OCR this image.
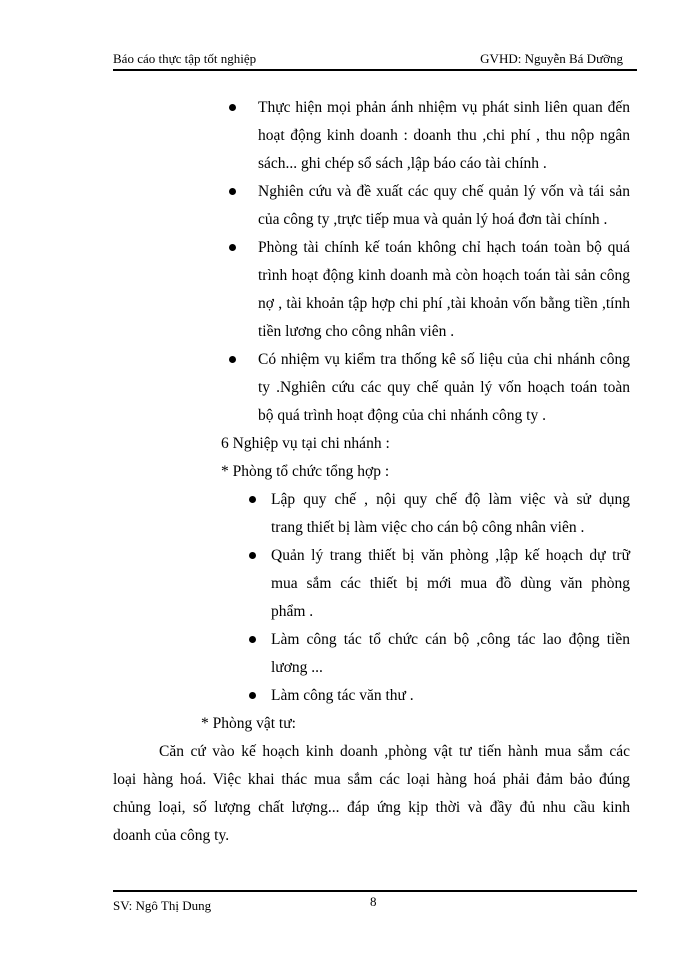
Báo cáo thực tập tốt nghiệp	GVHD: Nguyễn Bá Dưỡng
Thực hiện mọi phản ánh nhiệm vụ phát sinh liên quan đến
hoạt động kinh doanh : doanh thu ,chi phí , thu nộp ngân
sách... ghi chép sổ sách ,lập báo cáo tài chính .
Nghiên cứu và đề xuất các quy chế quản lý vốn và tái sản
của công ty ,trực tiếp mua và quản lý hoá đơn tài chính .
Phòng tài chính kế toán không chỉ hạch toán toàn bộ quá
trình hoạt động kinh doanh mà còn hoạch toán tài sản công
nợ , tài khoản tập hợp chi phí ,tài khoản vốn bằng tiền ,tính
tiền lương cho công nhân viên .
Có nhiệm vụ kiểm tra thống kê số liệu của chi nhánh công
ty .Nghiên cứu các quy chế quản lý vốn hoạch toán toàn
bộ quá trình hoạt động của chi nhánh công ty .
6 Nghiệp vụ tại chi nhánh :
* Phòng tổ chức tổng hợp :
Lập quy chế , nội quy chế độ làm việc và sử dụng
trang thiết bị làm việc cho cán bộ công nhân viên .
Quản lý trang thiết bị văn phòng ,lập kế hoạch dự trữ
mua sắm các thiết bị mới mua đồ dùng văn phòng
phẩm .
Làm công tác tổ chức cán bộ ,công tác lao động tiền
lương ...
Làm công tác văn thư .
* Phòng vật tư:
Căn cứ vào kế hoạch kinh doanh ,phòng vật tư tiến hành mua sắm các
loại hàng hoá. Việc khai thác mua sắm các loại hàng hoá phải đảm bảo đúng
chủng loại, số lượng chất lượng... đáp ứng kịp thời và đầy đủ nhu cầu kinh
doanh của công ty.
SV: Ngô Thị Dung	8
